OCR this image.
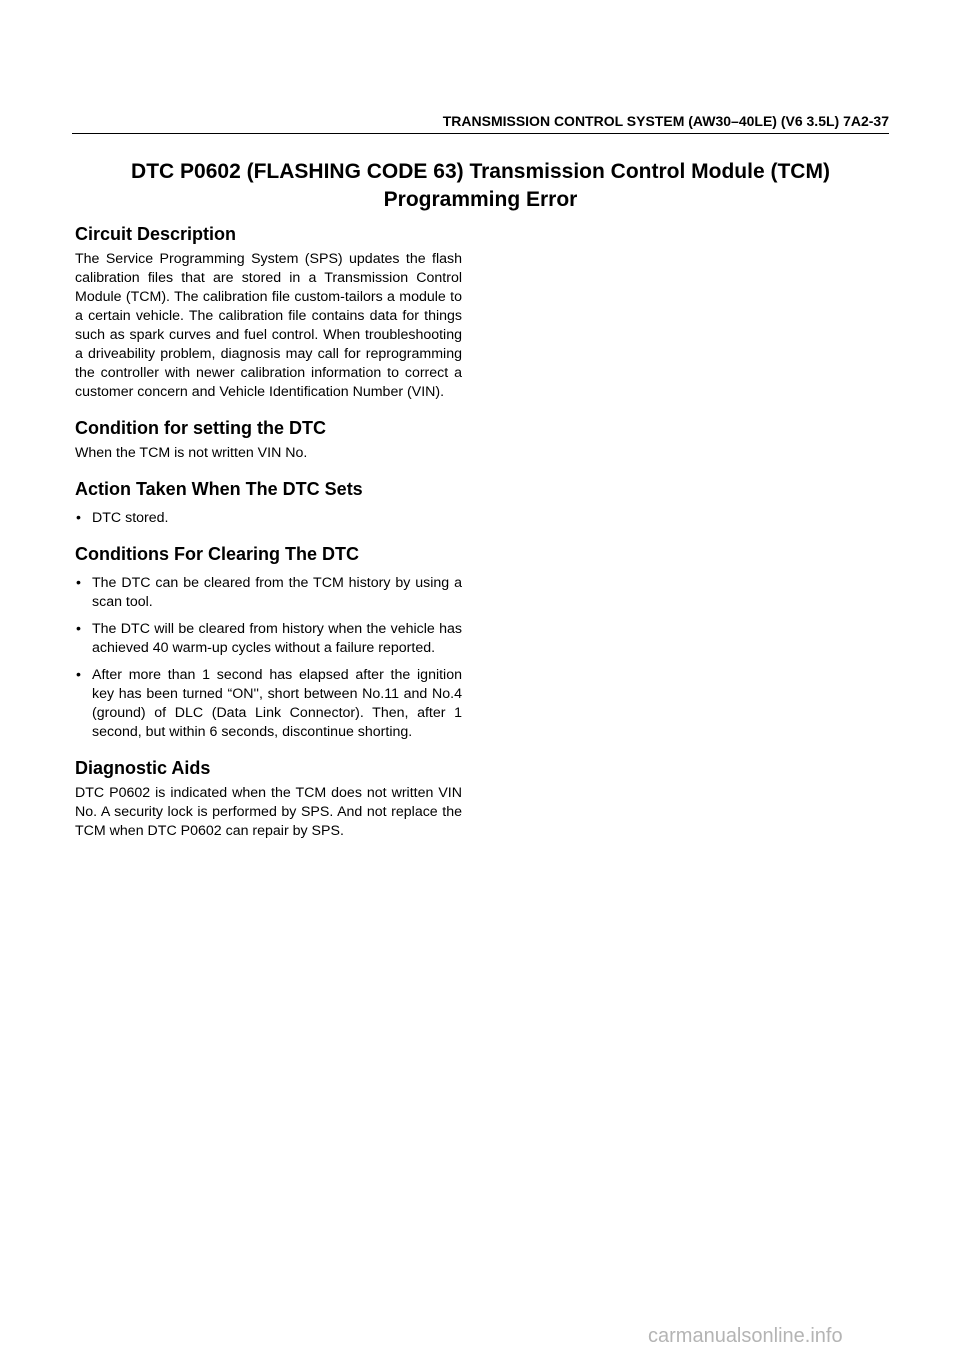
TRANSMISSION CONTROL SYSTEM (AW30–40LE) (V6 3.5L) 7A2-37
DTC P0602 (FLASHING CODE 63) Transmission Control Module (TCM) Programming Error
Circuit Description

The Service Programming System (SPS) updates the flash calibration files that are stored in a Transmission Control Module (TCM). The calibration file custom-tailors a module to a certain vehicle. The calibration file contains data for things such as spark curves and fuel control. When troubleshooting a driveability problem, diagnosis may call for reprogramming the controller with newer calibration information to correct a customer concern and Vehicle Identification Number (VIN).

Condition for setting the DTC

When the TCM is not written VIN No.

Action Taken When The DTC Sets
• DTC stored.
Conditions For Clearing The DTC
• The DTC can be cleared from the TCM history by using a scan tool.
• The DTC will be cleared from history when the vehicle has achieved 40 warm-up cycles without a failure reported.
• After more than 1 second has elapsed after the ignition key has been turned “ON'', short between No.11 and No.4 (ground) of DLC (Data Link Connector). Then, after 1 second, but within 6 seconds, discontinue shorting.
Diagnostic Aids

DTC P0602 is indicated when the TCM does not written VIN No. A security lock is performed by SPS. And not replace the TCM when DTC P0602 can repair by SPS.

carmanualsonline.info
